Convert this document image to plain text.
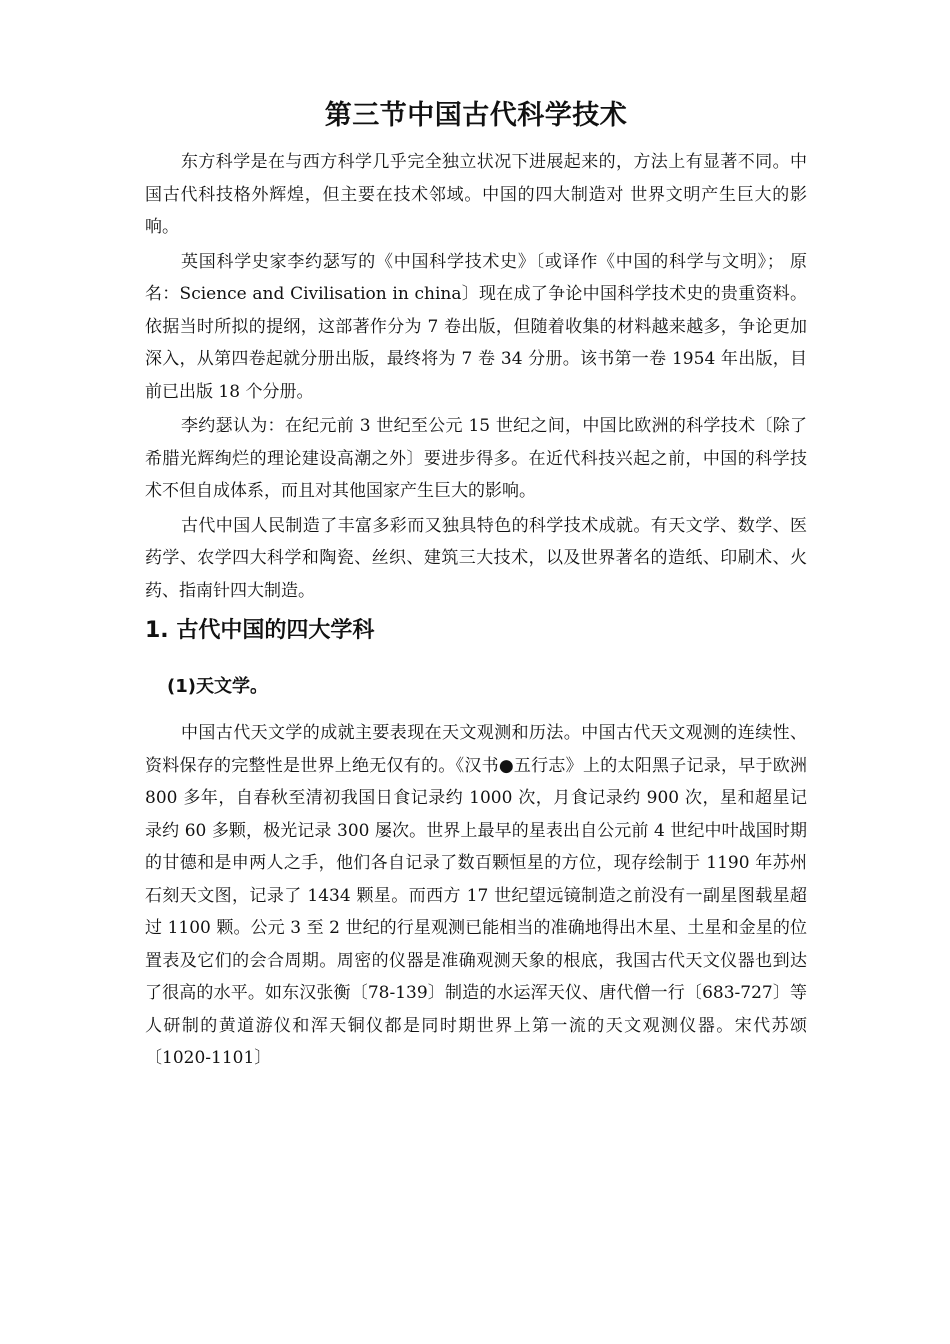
第三节中国古代科学技术

东方科学是在与西方科学几乎完全独立状况下进展起来的，方法上有显著不同。中国古代科技格外辉煌，但主要在技术邻域。中国的四大制造对 世界文明产生巨大的影响。

英国科学史家李约瑟写的《中国科学技术史》〔或译作《中国的科学与文明》； 原名：Science and Civilisation in china〕现在成了争论中国科学技术史的贵重资料。依据当时所拟的提纲，这部著作分为 7 卷出版，但随着收集的材料越来越多，争论更加深入，从第四卷起就分册出版，最终将为 7 卷 34 分册。该书第一卷 1954 年出版，目前已出版 18 个分册。

李约瑟认为：在纪元前 3 世纪至公元 15 世纪之间，中国比欧洲的科学技术〔除了希腊光辉绚烂的理论建设高潮之外〕要进步得多。在近代科技兴起之前，中国的科学技术不但自成体系，而且对其他国家产生巨大的影响。

古代中国人民制造了丰富多彩而又独具特色的科学技术成就。有天文学、数学、医药学、农学四大科学和陶瓷、丝织、建筑三大技术，以及世界著名的造纸、印刷术、火药、指南针四大制造。

1. 古代中国的四大学科
(1)天文学。

中国古代天文学的成就主要表现在天文观测和历法。中国古代天文观测的连续性、资料保存的完整性是世界上绝无仅有的。《汉书●五行志》上的太阳黑子记录，早于欧洲 800 多年，自春秋至清初我国日食记录约 1000 次，月食记录约 900 次，星和超星记录约 60 多颗，极光记录 300 屡次。世界上最早的星表出自公元前 4 世纪中叶战国时期的甘德和是申两人之手，他们各自记录了数百颗恒星的方位，现存绘制于 1190 年苏州石刻天文图，记录了 1434 颗星。而西方 17 世纪望远镜制造之前没有一副星图载星超过 1100 颗。公元 3 至 2 世纪的行星观测已能相当的准确地得出木星、土星和金星的位置表及它们的会合周期。周密的仪器是准确观测天象的根底，我国古代天文仪器也到达了很高的水平。如东汉张衡〔78-139〕制造的水运浑天仪、唐代僧一行〔683-727〕等人研制的黄道游仪和浑天铜仪都是同时期世界上第一流的天文观测仪器。宋代苏颂〔1020-1101〕
